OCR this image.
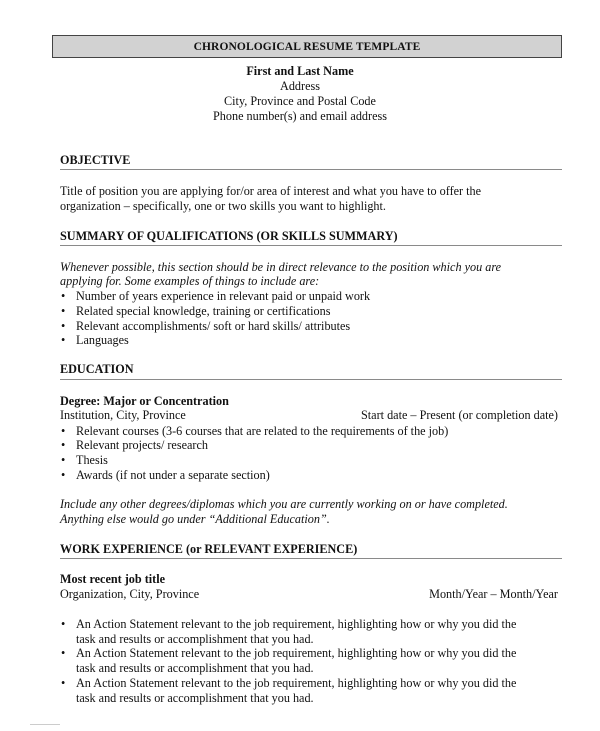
CHRONOLOGICAL RESUME TEMPLATE
First and Last Name
Address
City, Province and Postal Code
Phone number(s) and email address
OBJECTIVE
Title of position you are applying for/or area of interest and what you have to offer the
organization – specifically, one or two skills you want to highlight.
SUMMARY OF QUALIFICATIONS (OR SKILLS SUMMARY)
Whenever possible, this section should be in direct relevance to the position which you are
applying for. Some examples of things to include are:
• Number of years experience in relevant paid or unpaid work
• Related special knowledge, training or certifications
• Relevant accomplishments/ soft or hard skills/ attributes
• Languages
EDUCATION
Degree: Major or Concentration
Institution, City, Province	Start date – Present (or completion date)
• Relevant courses (3-6 courses that are related to the requirements of the job)
• Relevant projects/ research
• Thesis
• Awards (if not under a separate section)
Include any other degrees/diplomas which you are currently working on or have completed.
Anything else would go under “Additional Education”.
WORK EXPERIENCE (or RELEVANT EXPERIENCE)
Most recent job title
Organization, City, Province	Month/Year – Month/Year
• An Action Statement relevant to the job requirement, highlighting how or why you did the
task and results or accomplishment that you had.
• An Action Statement relevant to the job requirement, highlighting how or why you did the
task and results or accomplishment that you had.
• An Action Statement relevant to the job requirement, highlighting how or why you did the
task and results or accomplishment that you had.
